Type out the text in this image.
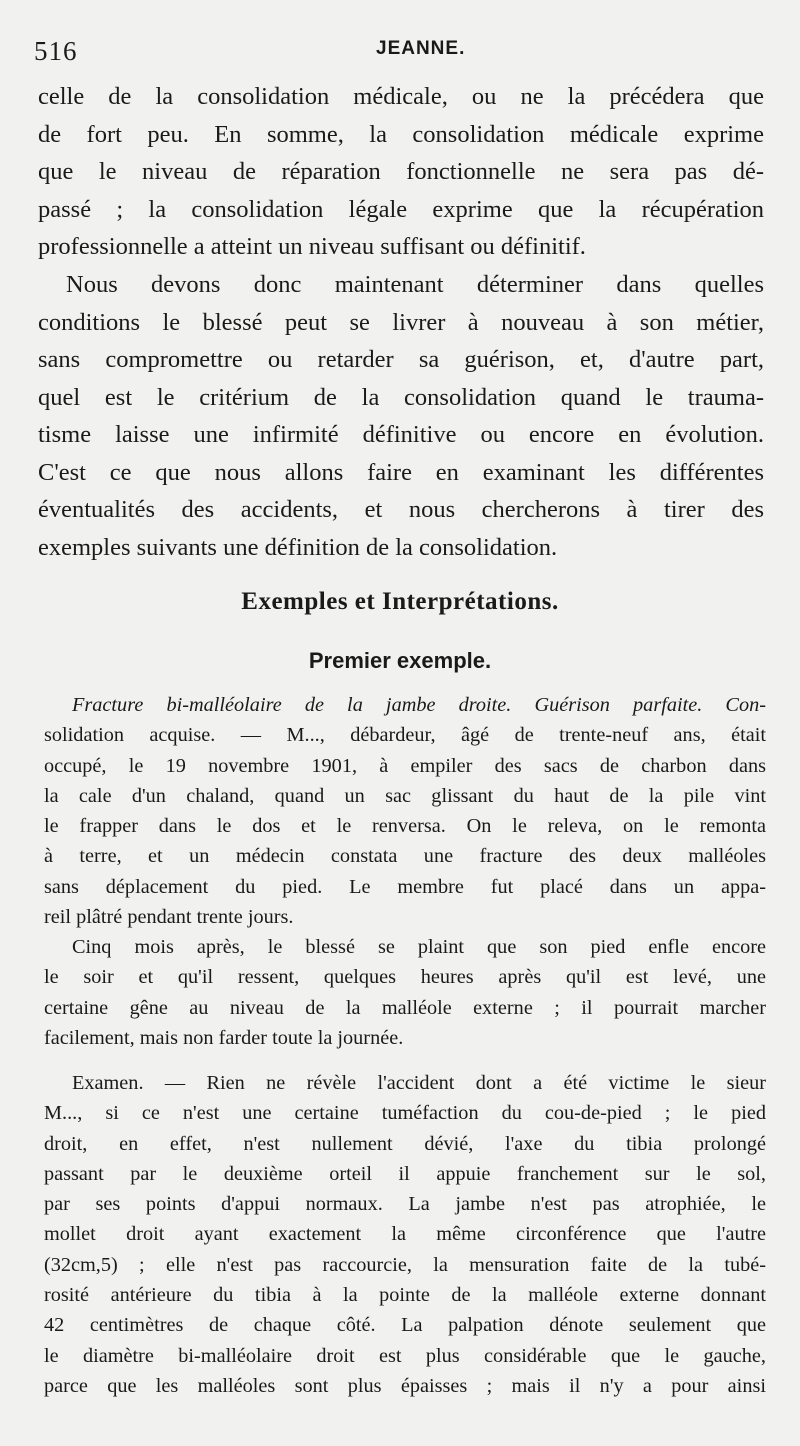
516	JEANNE.

celle de la consolidation médicale, ou ne la précédera que
de fort peu. En somme, la consolidation médicale exprime
que le niveau de réparation fonctionnelle ne sera pas dé-
passé ; la consolidation légale exprime que la récupération
professionnelle a atteint un niveau suffisant ou définitif.

Nous devons donc maintenant déterminer dans quelles
conditions le blessé peut se livrer à nouveau à son métier,
sans compromettre ou retarder sa guérison, et, d'autre part,
quel est le critérium de la consolidation quand le trauma-
tisme laisse une infirmité définitive ou encore en évolution.
C'est ce que nous allons faire en examinant les différentes
éventualités des accidents, et nous chercherons à tirer des
exemples suivants une définition de la consolidation.

Exemples et Interprétations.
Premier exemple.

Fracture bi-malléolaire de la jambe droite. Guérison parfaite. Con-
solidation acquise. — M..., débardeur, âgé de trente-neuf ans, était
occupé, le 19 novembre 1901, à empiler des sacs de charbon dans
la cale d'un chaland, quand un sac glissant du haut de la pile vint
le frapper dans le dos et le renversa. On le releva, on le remonta
à terre, et un médecin constata une fracture des deux malléoles
sans déplacement du pied. Le membre fut placé dans un appa-
reil plâtré pendant trente jours.

Cinq mois après, le blessé se plaint que son pied enfle encore
le soir et qu'il ressent, quelques heures après qu'il est levé, une
certaine gêne au niveau de la malléole externe ; il pourrait marcher
facilement, mais non farder toute la journée.

Examen. — Rien ne révèle l'accident dont a été victime le sieur
M..., si ce n'est une certaine tuméfaction du cou-de-pied ; le pied
droit, en effet, n'est nullement dévié, l'axe du tibia prolongé
passant par le deuxième orteil il appuie franchement sur le sol,
par ses points d'appui normaux. La jambe n'est pas atrophiée, le
mollet droit ayant exactement la même circonférence que l'autre
(32cm,5) ; elle n'est pas raccourcie, la mensuration faite de la tubé-
rosité antérieure du tibia à la pointe de la malléole externe donnant
42 centimètres de chaque côté. La palpation dénote seulement que
le diamètre bi-malléolaire droit est plus considérable que le gauche,
parce que les malléoles sont plus épaisses ; mais il n'y a pour ainsi
